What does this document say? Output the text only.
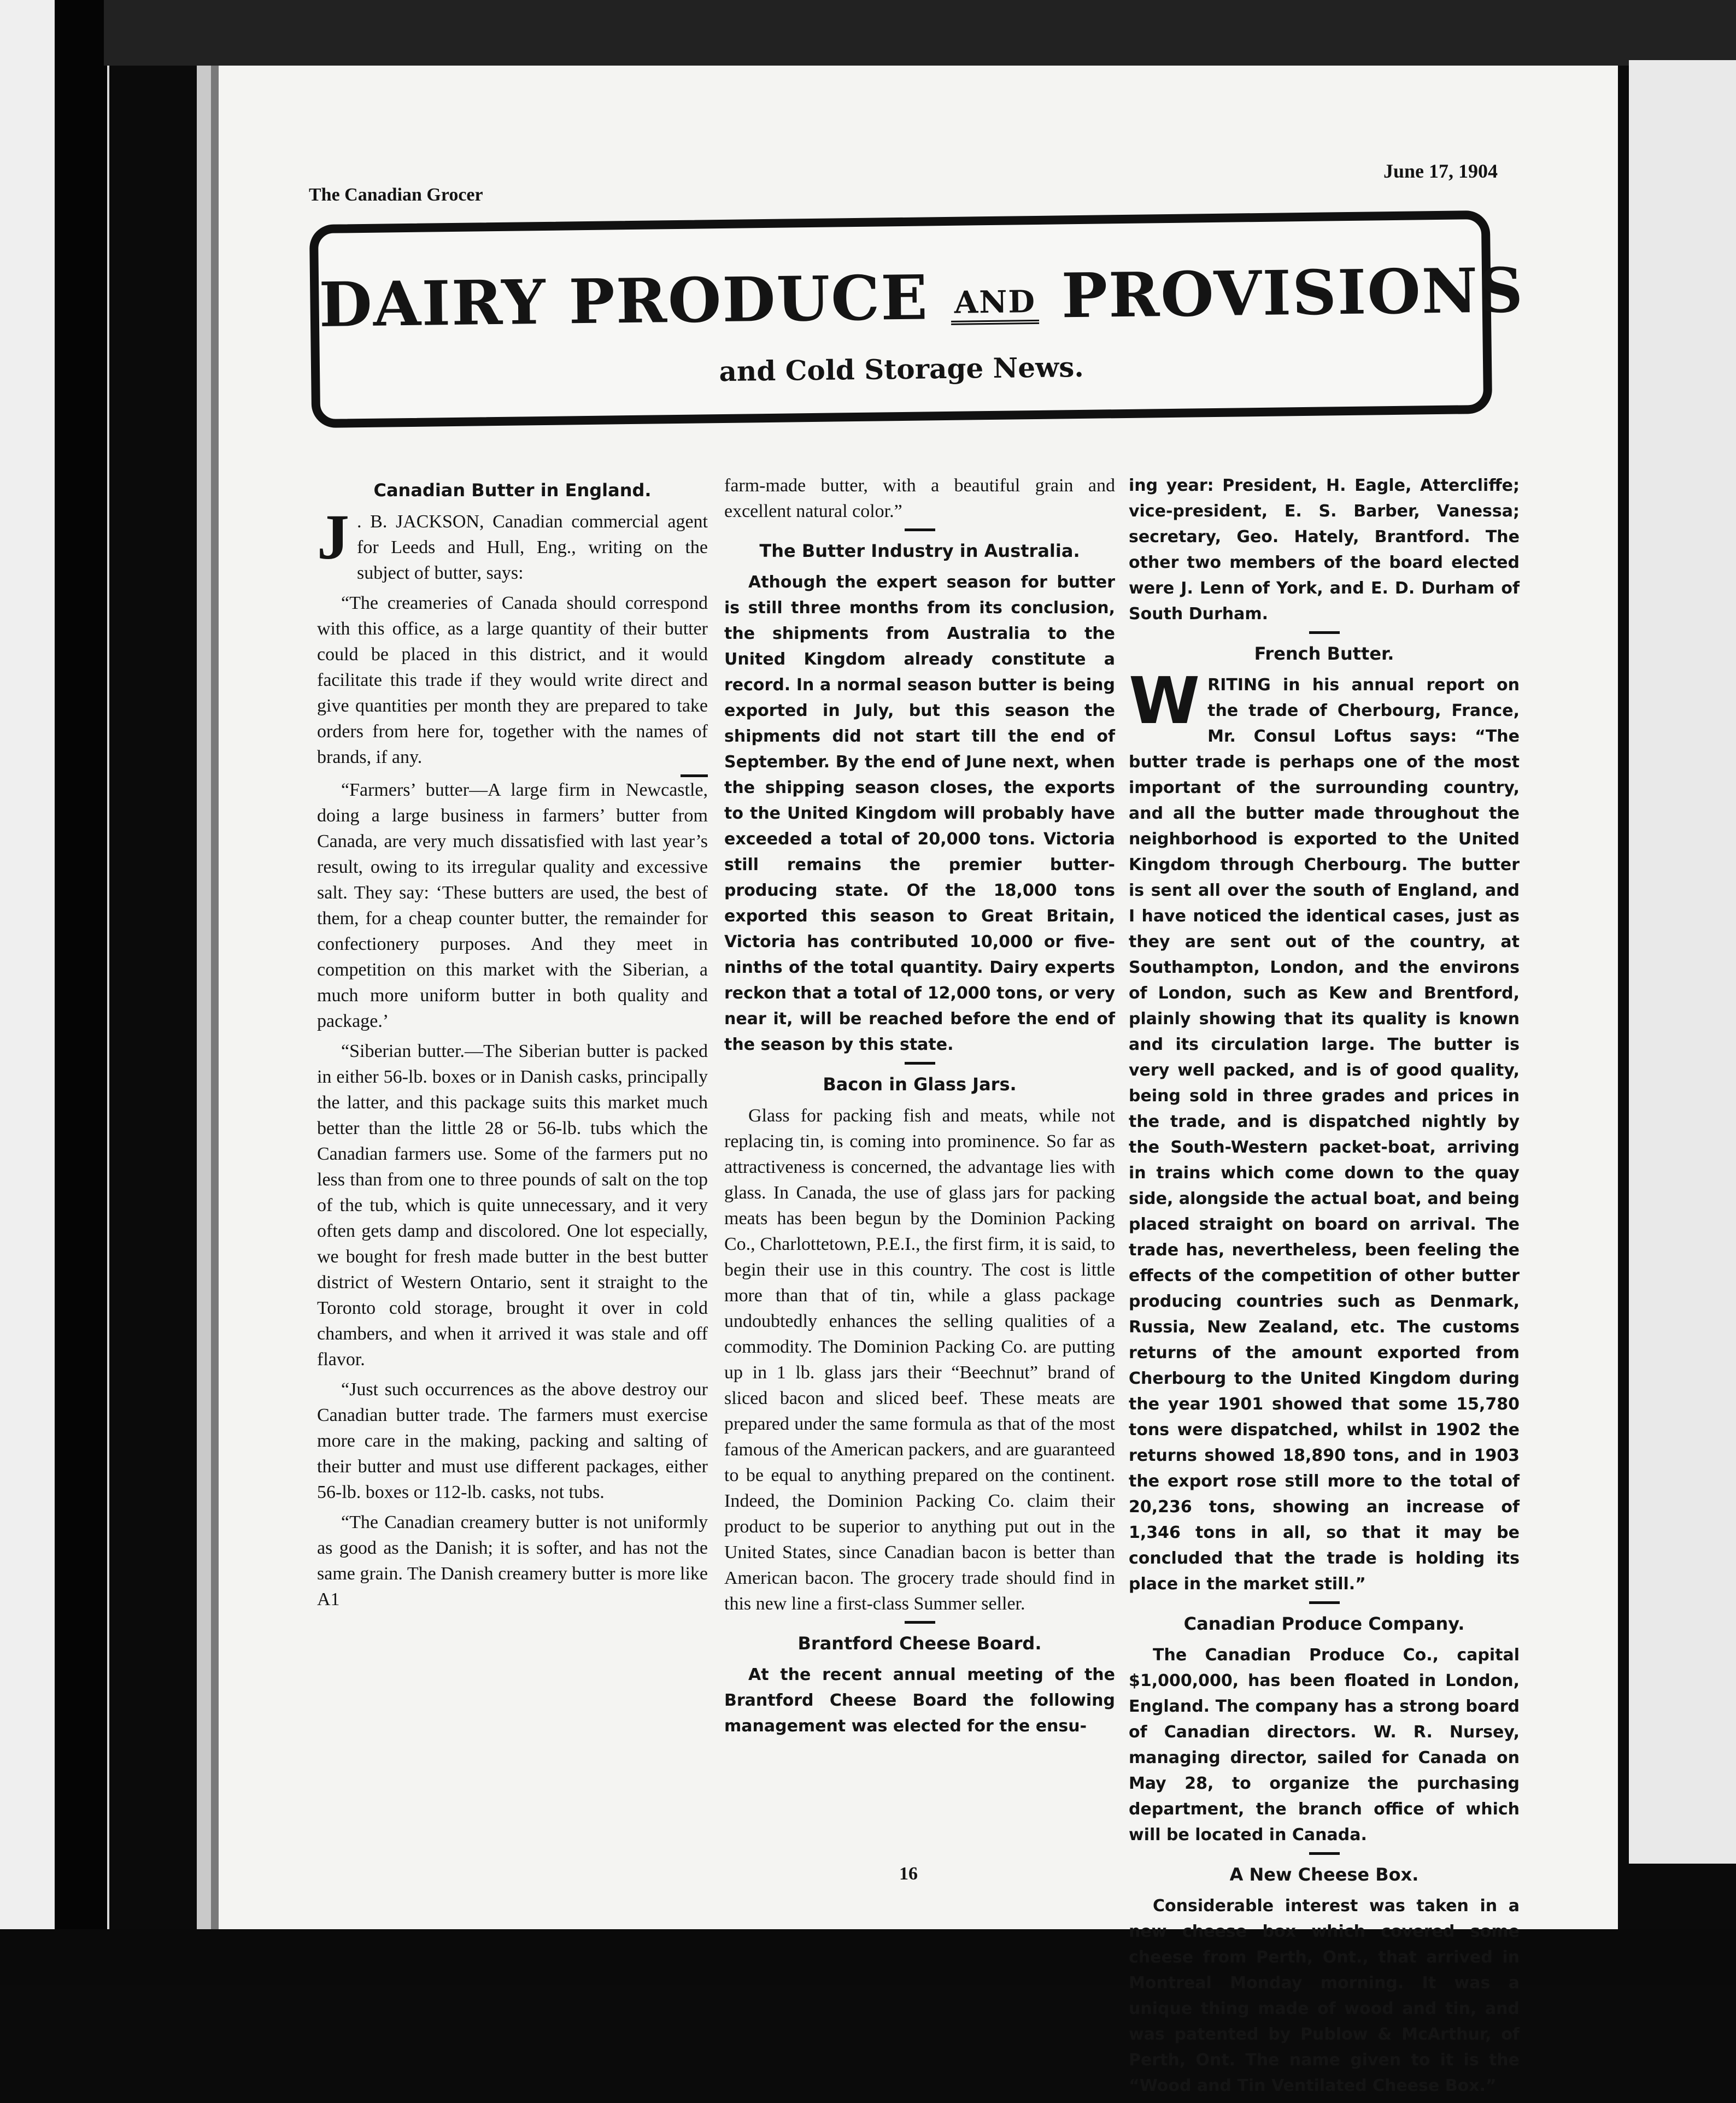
The Canadian Grocer
June 17, 1904
DAIRY PRODUCE AND PROVISIONS
and Cold Storage News.
Canadian Butter in England.

J . B. JACKSON, Canadian commercial agent for Leeds and Hull, Eng., writing on the subject of butter, says:

“The creameries of Canada should correspond with this office, as a large quantity of their butter could be placed in this district, and it would facilitate this trade if they would write direct and give quantities per month they are prepared to take orders from here for, together with the names of brands, if any.

“Farmers’ butter—A large firm in Newcastle, doing a large business in farmers’ butter from Canada, are very much dissatisfied with last year’s result, owing to its irregular quality and excessive salt. They say: ‘These butters are used, the best of them, for a cheap counter butter, the remainder for confectionery purposes. And they meet in competition on this market with the Siberian, a much more uniform butter in both quality and package.’

“Siberian butter.—The Siberian butter is packed in either 56-lb. boxes or in Danish casks, principally the latter, and this package suits this market much better than the little 28 or 56-lb. tubs which the Canadian farmers use. Some of the farmers put no less than from one to three pounds of salt on the top of the tub, which is quite unnecessary, and it very often gets damp and discolored. One lot especially, we bought for fresh made butter in the best butter district of Western Ontario, sent it straight to the Toronto cold storage, brought it over in cold chambers, and when it arrived it was stale and off flavor.

“Just such occurrences as the above destroy our Canadian butter trade. The farmers must exercise more care in the making, packing and salting of their butter and must use different packages, either 56-lb. boxes or 112-lb. casks, not tubs.

“The Canadian creamery butter is not uniformly as good as the Danish; it is softer, and has not the same grain. The Danish creamery butter is more like A1

farm-made butter, with a beautiful grain and excellent natural color.”

The Butter Industry in Australia.

Athough the expert season for butter is still three months from its conclusion, the shipments from Australia to the United Kingdom already constitute a record. In a normal season butter is being exported in July, but this season the shipments did not start till the end of September. By the end of June next, when the shipping season closes, the exports to the United Kingdom will probably have exceeded a total of 20,000 tons. Victoria still remains the premier butter-producing state. Of the 18,000 tons exported this season to Great Britain, Victoria has contributed 10,000 or five-ninths of the total quantity. Dairy experts reckon that a total of 12,000 tons, or very near it, will be reached before the end of the season by this state.

Bacon in Glass Jars.

Glass for packing fish and meats, while not replacing tin, is coming into prominence. So far as attractiveness is concerned, the advantage lies with glass. In Canada, the use of glass jars for packing meats has been begun by the Dominion Packing Co., Charlottetown, P.E.I., the first firm, it is said, to begin their use in this country. The cost is little more than that of tin, while a glass package undoubtedly enhances the selling qualities of a commodity. The Dominion Packing Co. are putting up in 1 lb. glass jars their “Beechnut” brand of sliced bacon and sliced beef. These meats are prepared under the same formula as that of the most famous of the American packers, and are guaranteed to be equal to anything prepared on the continent. Indeed, the Dominion Packing Co. claim their product to be superior to anything put out in the United States, since Canadian bacon is better than American bacon. The grocery trade should find in this new line a first-class Summer seller.

Brantford Cheese Board.

At the recent annual meeting of the Brantford Cheese Board the following management was elected for the ensu-

ing year: President, H. Eagle, Attercliffe; vice-president, E. S. Barber, Vanessa; secretary, Geo. Hately, Brantford. The other two members of the board elected were J. Lenn of York, and E. D. Durham of South Durham.

French Butter.

WRITING in his annual report on the trade of Cherbourg, France, Mr. Consul Loftus says: “The butter trade is perhaps one of the most important of the surrounding country, and all the butter made throughout the neighborhood is exported to the United Kingdom through Cherbourg. The butter is sent all over the south of England, and I have noticed the identical cases, just as they are sent out of the country, at Southampton, London, and the environs of London, such as Kew and Brentford, plainly showing that its quality is known and its circulation large. The butter is very well packed, and is of good quality, being sold in three grades and prices in the trade, and is dispatched nightly by the South-Western packet-boat, arriving in trains which come down to the quay side, alongside the actual boat, and being placed straight on board on arrival. The trade has, nevertheless, been feeling the effects of the competition of other butter producing countries such as Denmark, Russia, New Zealand, etc. The customs returns of the amount exported from Cherbourg to the United Kingdom during the year 1901 showed that some 15,780 tons were dispatched, whilst in 1902 the returns showed 18,890 tons, and in 1903 the export rose still more to the total of 20,236 tons, showing an increase of 1,346 tons in all, so that it may be concluded that the trade is holding its place in the market still.”

Canadian Produce Company.

The Canadian Produce Co., capital $1,000,000, has been floated in London, England. The company has a strong board of Canadian directors. W. R. Nursey, managing director, sailed for Canada on May 28, to organize the purchasing department, the branch office of which will be located in Canada.

A New Cheese Box.

Considerable interest was taken in a new cheese box which covered some cheese from Perth, Ont., that arrived in Montreal Monday morning. It was a unique thing made of wood and tin, and was patented by Publow & McArthur, of Perth, Ont. The name given to it is the “Wood and Tin Ventilated Cheese Box.”

16
